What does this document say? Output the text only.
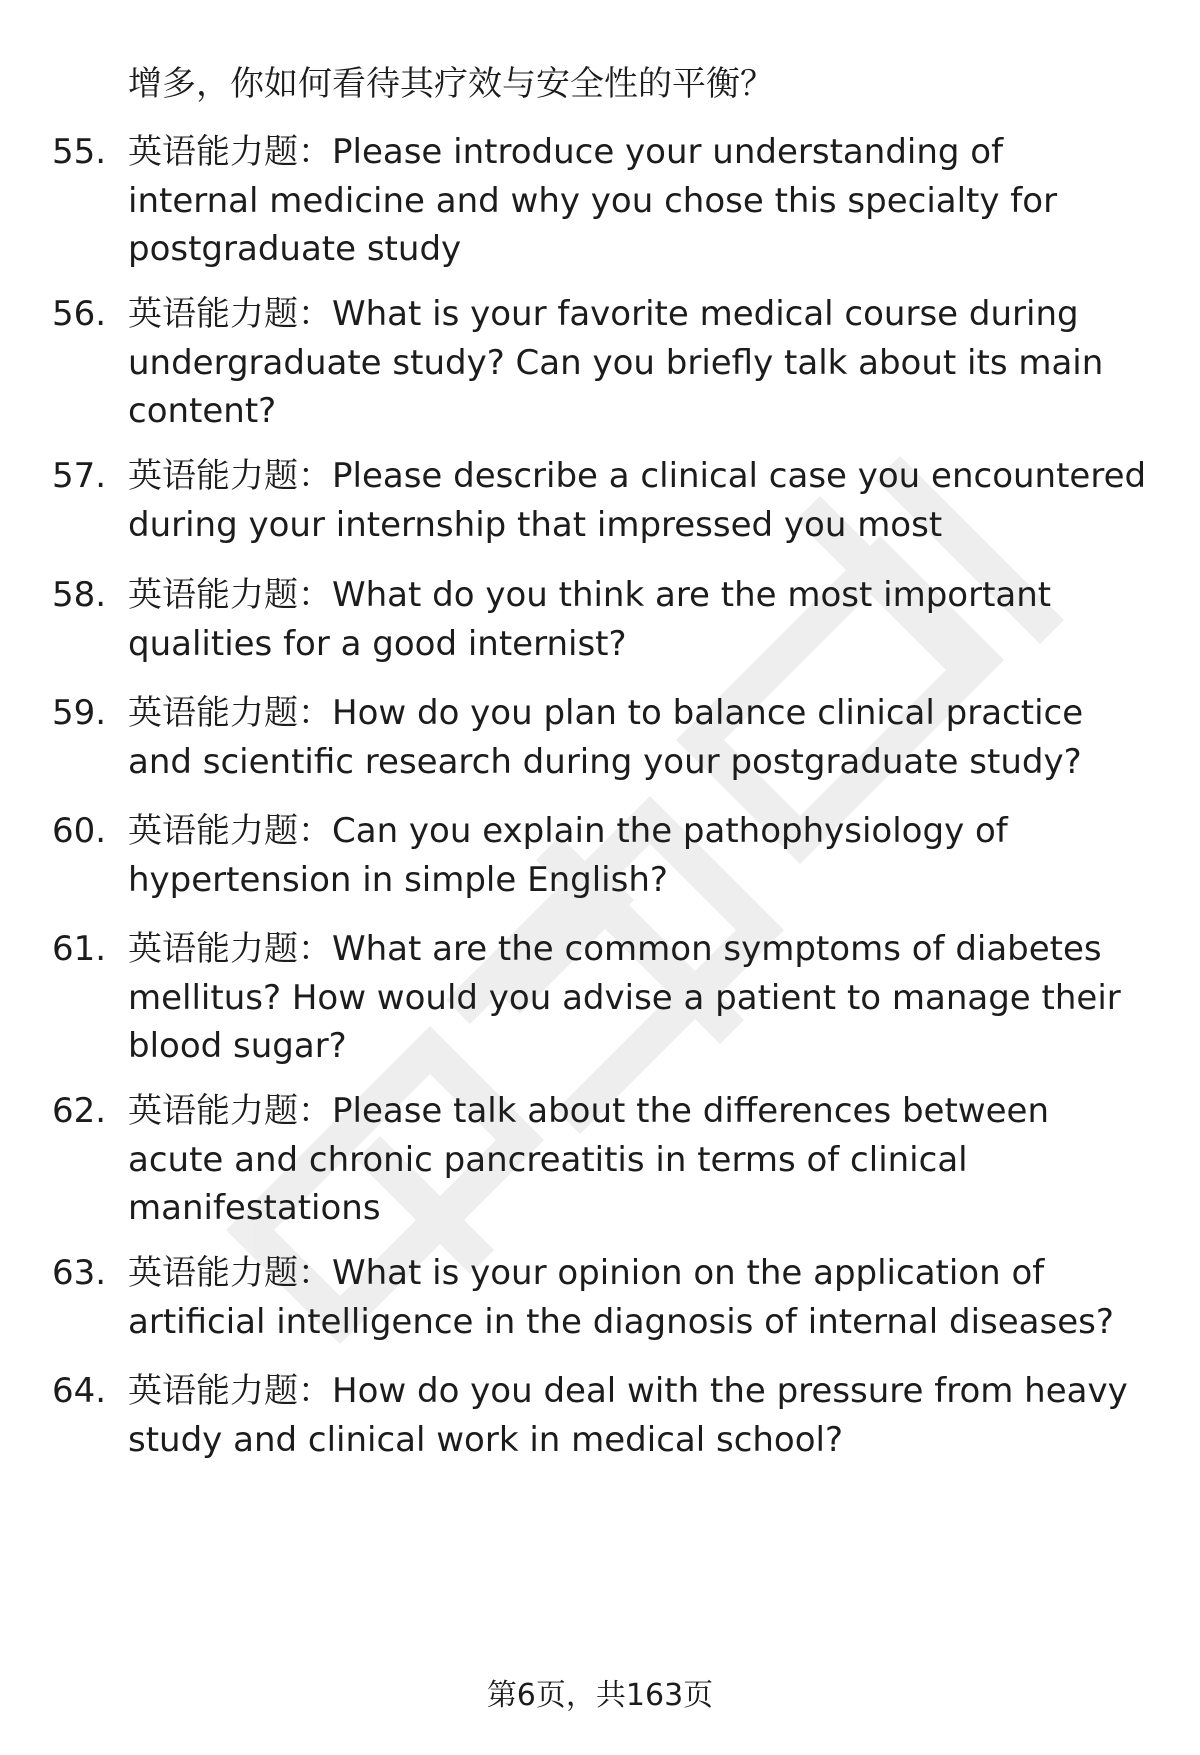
增多，你如何看待其疗效与安全性的平衡？
55. 英语能力题：Please introduce your understanding of
internal medicine and why you chose this specialty for
postgraduate study
56. 英语能力题：What is your favorite medical course during
undergraduate study? Can you briefly talk about its main
content?
57. 英语能力题：Please describe a clinical case you encountered
during your internship that impressed you most
58. 英语能力题：What do you think are the most important
qualities for a good internist?
59. 英语能力题：How do you plan to balance clinical practice
and scientific research during your postgraduate study?
60. 英语能力题：Can you explain the pathophysiology of
hypertension in simple English?
61. 英语能力题：What are the common symptoms of diabetes
mellitus? How would you advise a patient to manage their
blood sugar?
62. 英语能力题：Please talk about the differences between
acute and chronic pancreatitis in terms of clinical
manifestations
63. 英语能力题：What is your opinion on the application of
artificial intelligence in the diagnosis of internal diseases?
64. 英语能力题：How do you deal with the pressure from heavy
study and clinical work in medical school?
第6页，共163页
